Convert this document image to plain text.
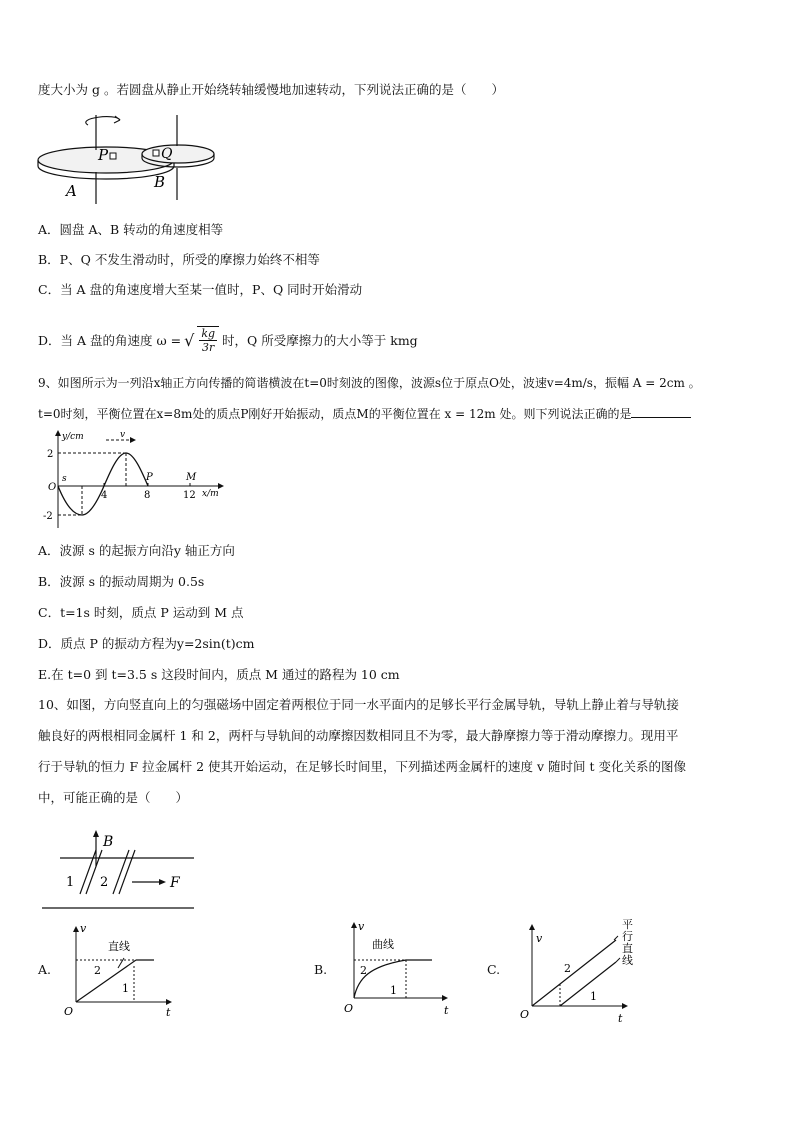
度大小为 g 。若圆盘从静止开始绕转轴缓慢地加速转动，下列说法正确的是（　　）
P	Q
A	B
A．圆盘 A、B 转动的角速度相等
B．P、Q 不发生滑动时，所受的摩擦力始终不相等
C．当 A 盘的角速度增大至某一值时，P、Q 同时开始滑动
D．当 A 盘的角速度 ω = √ $\frac{kg}{3r}$ 时，Q 所受摩擦力的大小等于 kmg
9、如图所示为一列沿x轴正方向传播的简谐横波在t=0时刻波的图像，波源s位于原点O处，波速v=4m/s，振幅 A = 2cm 。
t=0时刻，平衡位置在x=8m处的质点P刚好开始振动，质点M的平衡位置在 x = 12m 处。则下列说法正确的是
y/cm
x/m
v
2
-2
O
s
4	8	12
P	M
A．波源 s 的起振方向沿y 轴正方向
B．波源 s 的振动周期为 0.5s
C．t=1s 时刻，质点 P 运动到 M 点
D．质点 P 的振动方程为y=2sin(t)cm
E.在 t=0 到 t=3.5 s 这段时间内，质点 M 通过的路程为 10 cm
10、如图，方向竖直向上的匀强磁场中固定着两根位于同一水平面内的足够长平行金属导轨，导轨上静止着与导轨接
触良好的两根相同金属杆 1 和 2，两杆与导轨间的动摩擦因数相同且不为零，最大静摩擦力等于滑动摩擦力。现用平
行于导轨的恒力 F 拉金属杆 2 使其开始运动，在足够长时间里，下列描述两金属杆的速度 v 随时间 t 变化关系的图像
中，可能正确的是（　　）
B
F
1 2
A.
直线
v
t
O
2
1
B.
曲线
v
t
O
2
1
C.
平
行
直
线
v
t
O
2
1
